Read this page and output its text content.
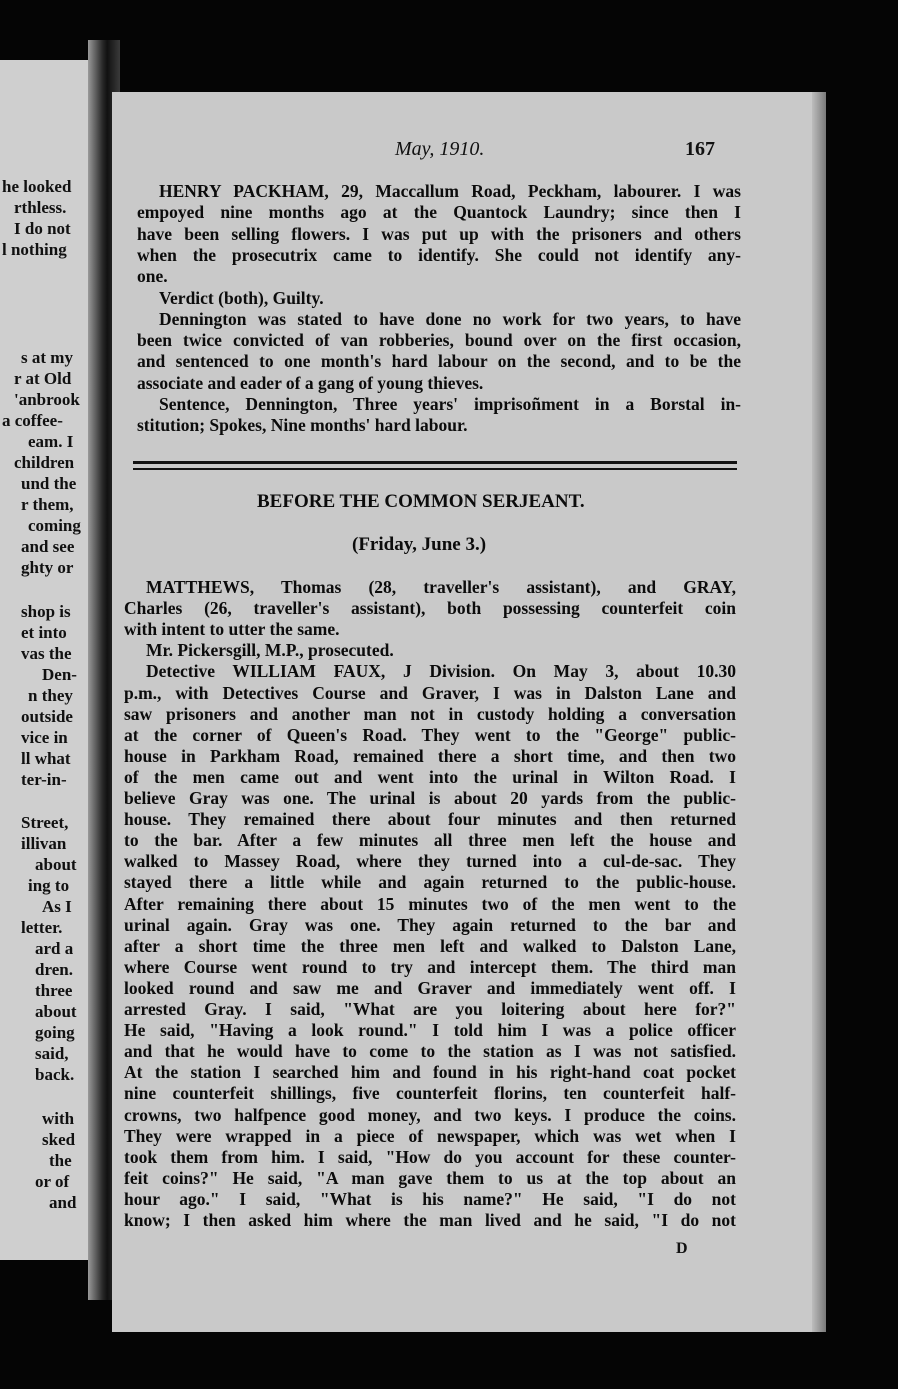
he looked
rthless.
I do not
l nothing
s at my
r at Old
'anbrook
a coffee-
eam. I
children
und the
r them,
coming
and see
ghty or
shop is
et into
vas the
Den-
n they
outside
vice in
ll what
ter-in-
Street,
illivan
about
ing to
As I
letter.
ard a
dren.
three
about
going
said,
back.
with
sked
the
or of
and
May, 1910.	167
HENRY PACKHAM, 29, Maccallum Road, Peckham, labourer. I was
empoyed nine months ago at the Quantock Laundry; since then I
have been selling flowers. I was put up with the prisoners and others
when the prosecutrix came to identify. She could not identify any-
one.
Verdict (both), Guilty.
Dennington was stated to have done no work for two years, to have
been twice convicted of van robberies, bound over on the first occasion,
and sentenced to one month's hard labour on the second, and to be the
associate and eader of a gang of young thieves.
Sentence, Dennington, Three years' imprisoñment in a Borstal in-
stitution; Spokes, Nine months' hard labour.
BEFORE THE COMMON SERJEANT.
(Friday, June 3.)
MATTHEWS, Thomas (28, traveller's assistant), and GRAY,
Charles (26, traveller's assistant), both possessing counterfeit coin
with intent to utter the same.
Mr. Pickersgill, M.P., prosecuted.
Detective WILLIAM FAUX, J Division. On May 3, about 10.30
p.m., with Detectives Course and Graver, I was in Dalston Lane and
saw prisoners and another man not in custody holding a conversation
at the corner of Queen's Road. They went to the "George" public-
house in Parkham Road, remained there a short time, and then two
of the men came out and went into the urinal in Wilton Road. I
believe Gray was one. The urinal is about 20 yards from the public-
house. They remained there about four minutes and then returned
to the bar. After a few minutes all three men left the house and
walked to Massey Road, where they turned into a cul-de-sac. They
stayed there a little while and again returned to the public-house.
After remaining there about 15 minutes two of the men went to the
urinal again. Gray was one. They again returned to the bar and
after a short time the three men left and walked to Dalston Lane,
where Course went round to try and intercept them. The third man
looked round and saw me and Graver and immediately went off. I
arrested Gray. I said, "What are you loitering about here for?"
He said, "Having a look round." I told him I was a police officer
and that he would have to come to the station as I was not satisfied.
At the station I searched him and found in his right-hand coat pocket
nine counterfeit shillings, five counterfeit florins, ten counterfeit half-
crowns, two halfpence good money, and two keys. I produce the coins.
They were wrapped in a piece of newspaper, which was wet when I
took them from him. I said, "How do you account for these counter-
feit coins?" He said, "A man gave them to us at the top about an
hour ago." I said, "What is his name?" He said, "I do not
know; I then asked him where the man lived and he said, "I do not
D
